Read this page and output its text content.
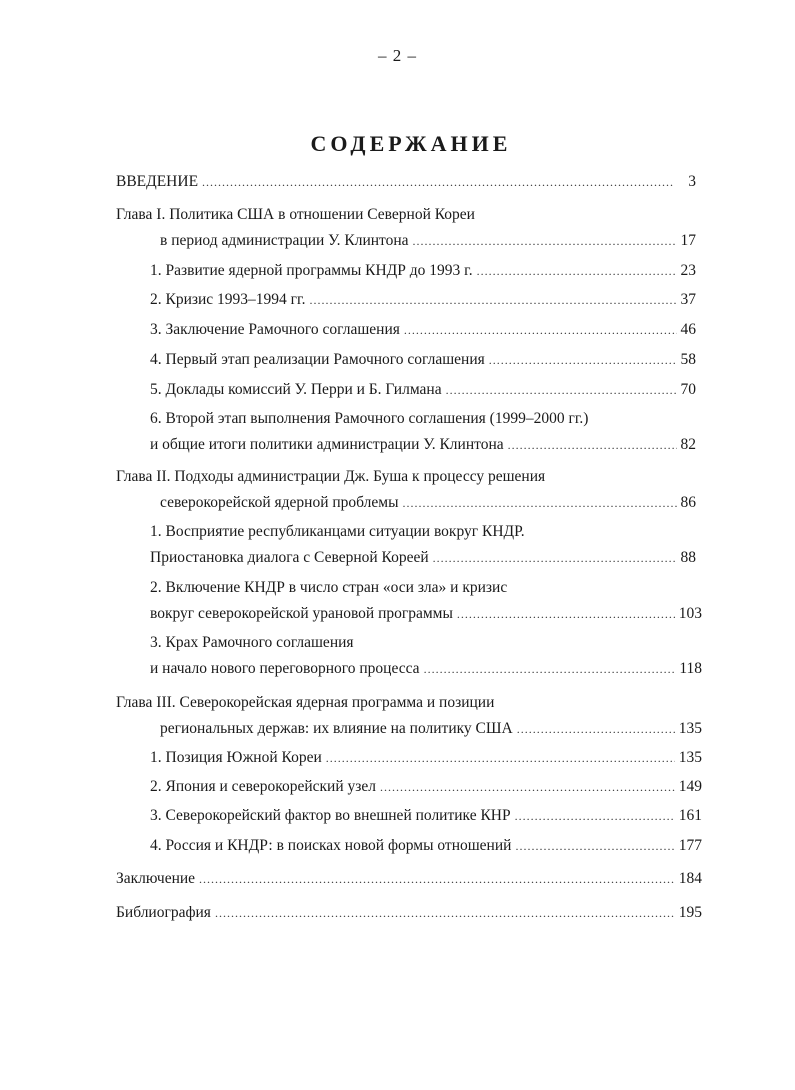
– 2 –
СОДЕРЖАНИЕ
ВВЕДЕНИЕ .....	3
Глава I. Политика США в отношении Северной Кореи
в период администрации У. Клинтона .....	17
1. Развитие ядерной программы КНДР до 1993 г. .....	23
2. Кризис 1993–1994 гг. .....	37
3. Заключение Рамочного соглашения .....	46
4. Первый этап реализации Рамочного соглашения .....	58
5. Доклады комиссий У. Перри и Б. Гилмана .....	70
6. Второй этап выполнения Рамочного соглашения (1999–2000 гг.)
и общие итоги политики администрации У. Клинтона .....	82
Глава II. Подходы администрации Дж. Буша к процессу решения
северокорейской ядерной проблемы .....	86
1. Восприятие республиканцами ситуации вокруг КНДР.
Приостановка диалога с Северной Кореей .....	88
2. Включение КНДР в число стран «оси зла» и кризис
вокруг северокорейской урановой программы .....	103
3. Крах Рамочного соглашения
и начало нового переговорного процесса .....	118
Глава III. Северокорейская ядерная программа и позиции
региональных держав: их влияние на политику США .....	135
1. Позиция Южной Кореи .....	135
2. Япония и северокорейский узел .....	149
3. Северокорейский фактор во внешней политике КНР .....	161
4. Россия и КНДР: в поисках новой формы отношений .....	177
Заключение .....	184
Библиография .....	195
